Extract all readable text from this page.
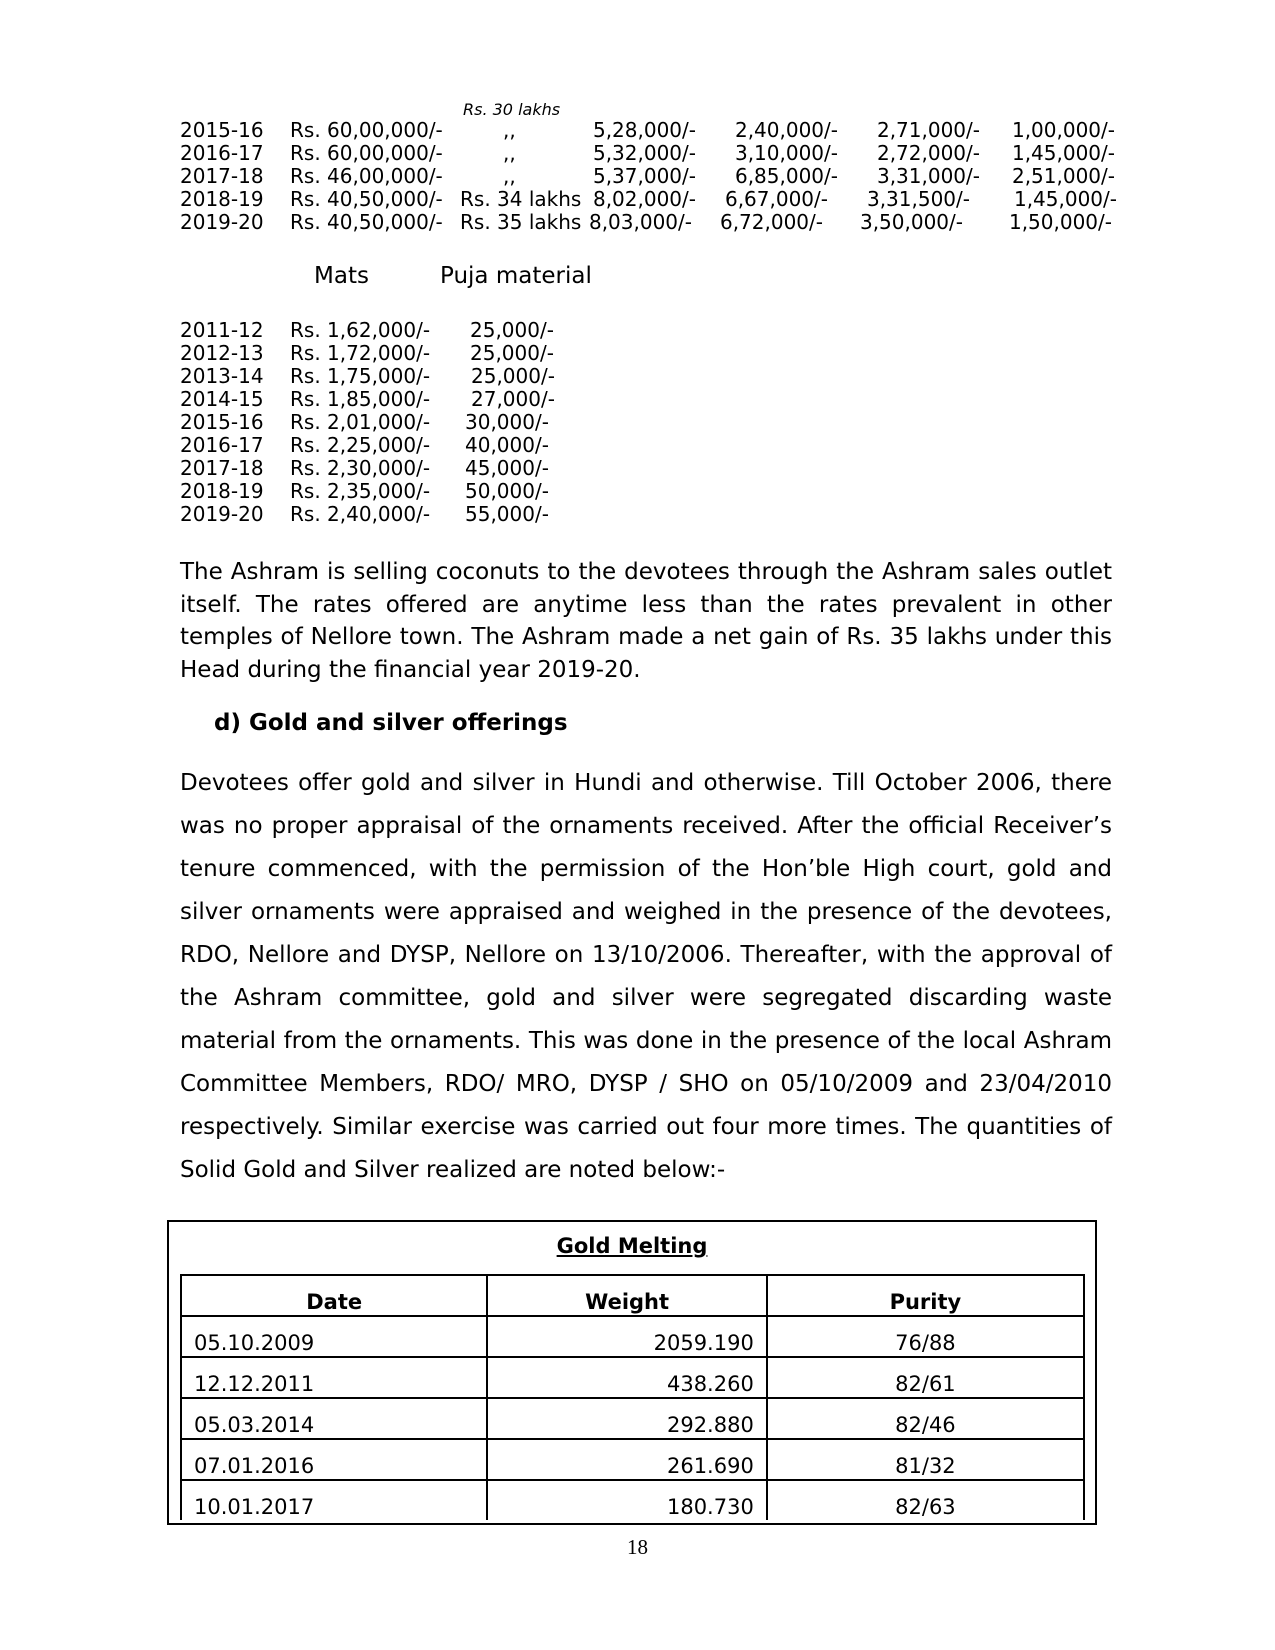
Rs. 30 lakhs
2015-16 Rs. 60,00,000/-	,,	5,28,000/- 2,40,000/- 2,71,000/- 1,00,000/-
2016-17 Rs. 60,00,000/-	,,	5,32,000/- 3,10,000/- 2,72,000/- 1,45,000/-
2017-18 Rs. 46,00,000/-	,,	5,37,000/- 6,85,000/- 3,31,000/- 2,51,000/-
2018-19 Rs. 40,50,000/- Rs. 34 lakhs 8,02,000/- 6,67,000/- 3,31,500/- 1,45,000/-
2019-20 Rs. 40,50,000/- Rs. 35 lakhs 8,03,000/- 6,72,000/- 3,50,000/- 1,50,000/-
Mats	Puja material
2011-12 Rs. 1,62,000/- 25,000/-
2012-13 Rs. 1,72,000/- 25,000/-
2013-14 Rs. 1,75,000/- 25,000/-
2014-15 Rs. 1,85,000/- 27,000/-
2015-16 Rs. 2,01,000/- 30,000/-
2016-17 Rs. 2,25,000/- 40,000/-
2017-18 Rs. 2,30,000/- 45,000/-
2018-19 Rs. 2,35,000/- 50,000/-
2019-20 Rs. 2,40,000/- 55,000/-

The Ashram is selling coconuts to the devotees through the Ashram sales outlet itself. The rates offered are anytime less than the rates prevalent in other temples of Nellore town. The Ashram made a net gain of Rs. 35 lakhs under this Head during the financial year 2019-20.

d) Gold and silver offerings

Devotees offer gold and silver in Hundi and otherwise. Till October 2006, there was no proper appraisal of the ornaments received. After the official Receiver’s tenure commenced, with the permission of the Hon’ble High court, gold and silver ornaments were appraised and weighed in the presence of the devotees, RDO, Nellore and DYSP, Nellore on 13/10/2006. Thereafter, with the approval of the Ashram committee, gold and silver were segregated discarding waste material from the ornaments. This was done in the presence of the local Ashram Committee Members, RDO/ MRO, DYSP / SHO on 05/10/2009 and 23/04/2010 respectively. Similar exercise was carried out four more times. The quantities of Solid Gold and Silver realized are noted below:-

Gold Melting

Date	Weight	Purity
05.10.2009	2059.190	76/88
12.12.2011	438.260	82/61
05.03.2014	292.880	82/46
07.01.2016	261.690	81/32
10.01.2017	180.730	82/63
18
